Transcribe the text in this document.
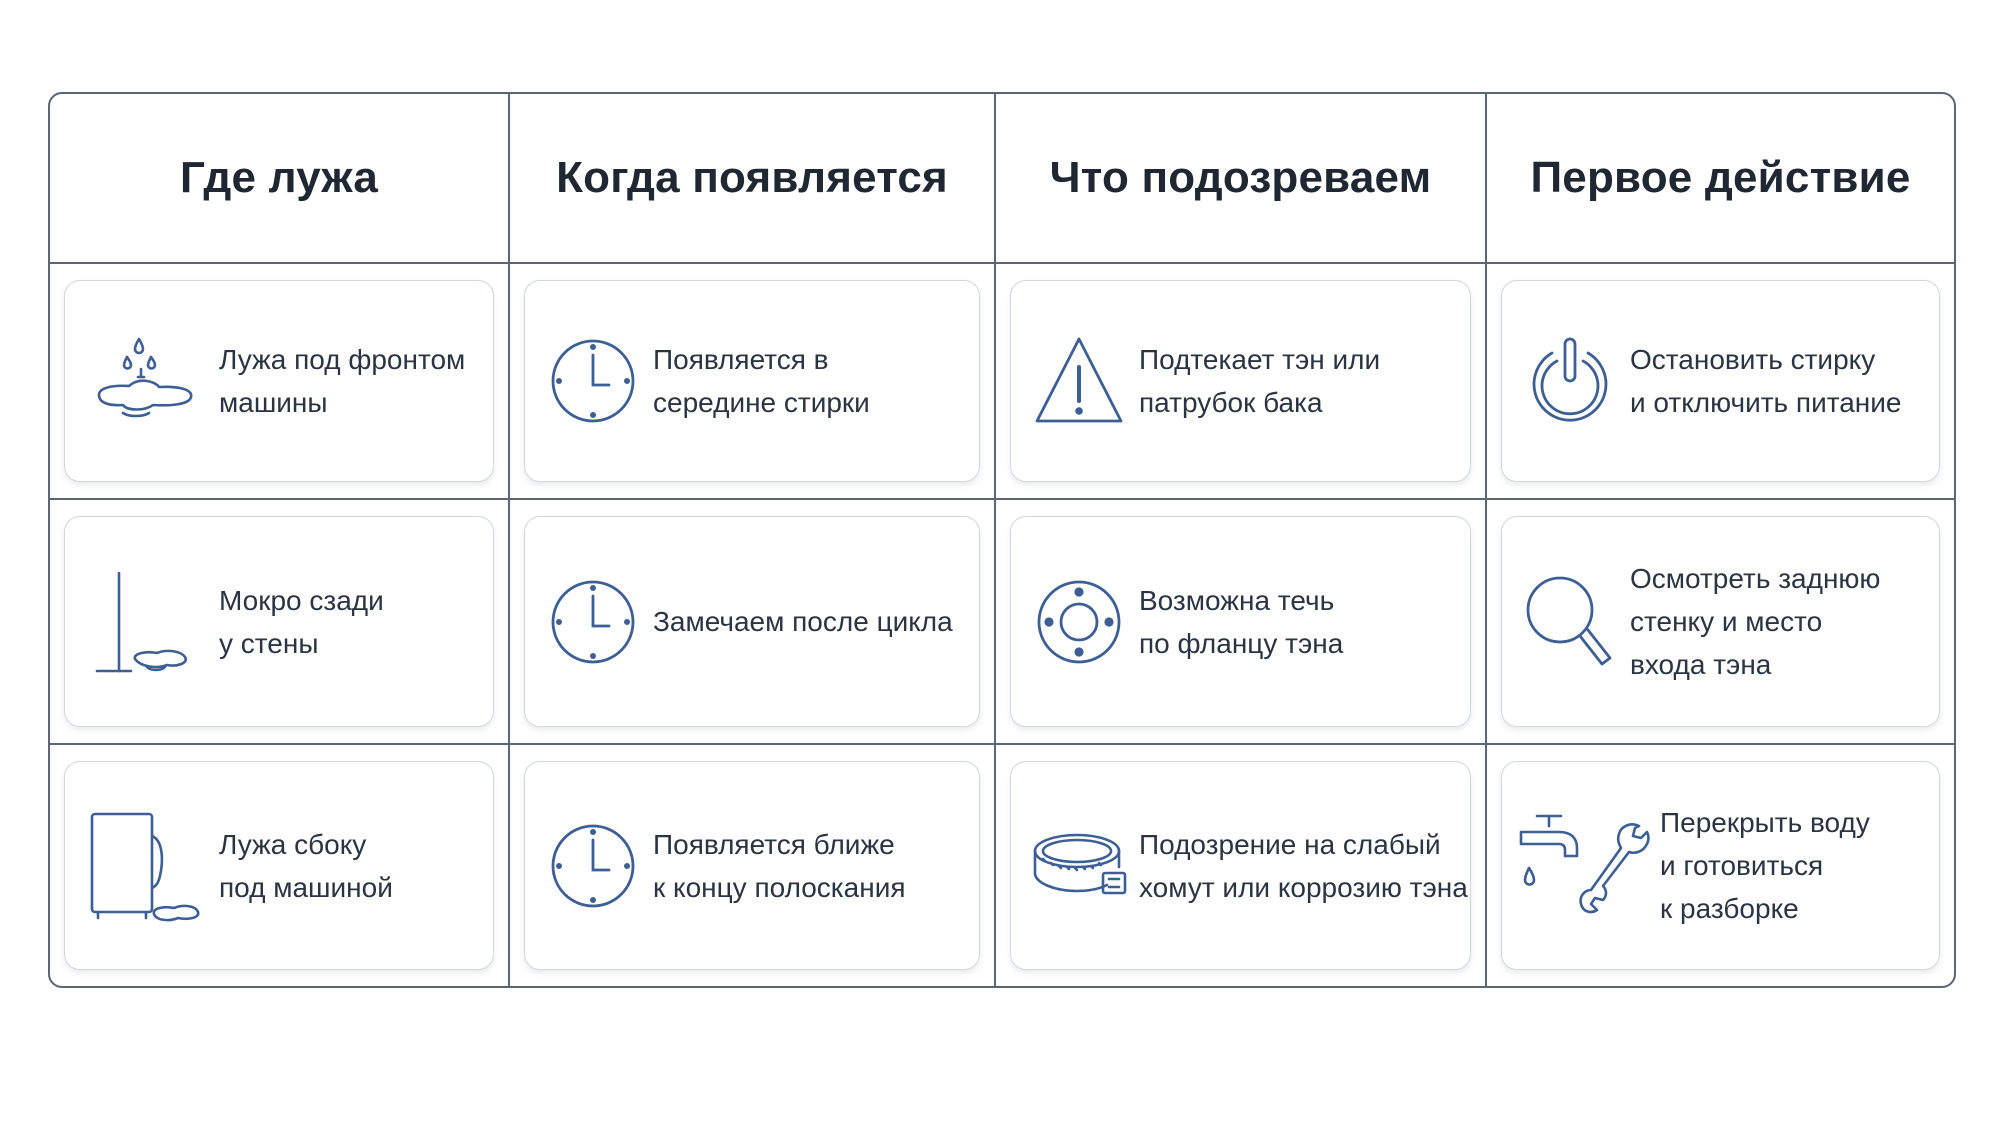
Где лужа	Когда появляется Что подозреваем Первое действие
Лужа под фронтом
машины
Появляется в
середине стирки
Подтекает тэн или
патрубок бака
Остановить стирку
и отключить питание
Мокро сзади
у стены
Замечаем после цикла
Возможна течь
по фланцу тэна
Осмотреть заднюю
стенку и место
входа тэна
Лужа сбоку
под машиной
Появляется ближе
к концу полоскания
Подозрение на слабый
хомут или коррозию тэна
Перекрыть воду
и готовиться
к разборке
